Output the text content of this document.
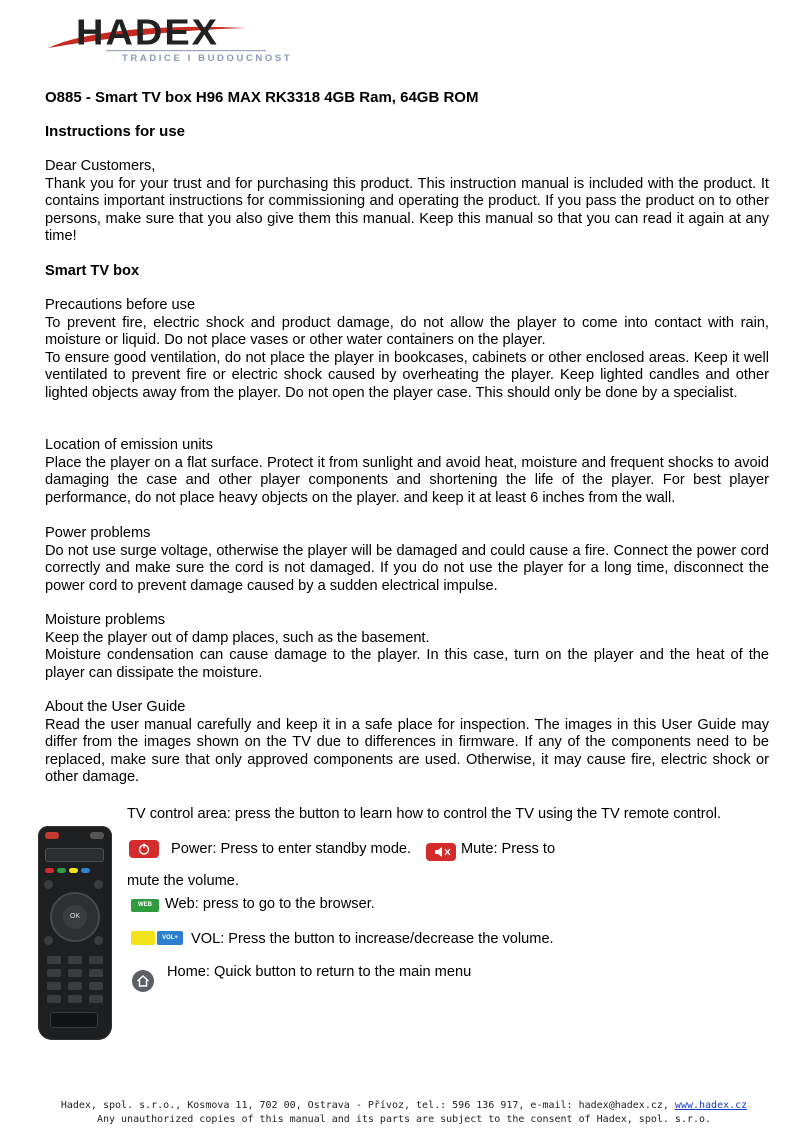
HADEX
TRADICE I BUDOUCNOST
O885 - Smart TV box H96 MAX RK3318 4GB Ram, 64GB ROM
Instructions for use

Dear Customers,

Thank you for your trust and for purchasing this product. This instruction manual is included with the product. It contains important instructions for commissioning and operating the product. If you pass the product on to other persons, make sure that you also give them this manual. Keep this manual so that you can read it again at any time!

Smart TV box

Precautions before use

To prevent fire, electric shock and product damage, do not allow the player to come into contact with rain, moisture or liquid. Do not place vases or other water containers on the player.

To ensure good ventilation, do not place the player in bookcases, cabinets or other enclosed areas. Keep it well ventilated to prevent fire or electric shock caused by overheating the player. Keep lighted candles and other lighted objects away from the player. Do not open the player case. This should only be done by a specialist.

Location of emission units

Place the player on a flat surface. Protect it from sunlight and avoid heat, moisture and frequent shocks to avoid damaging the case and other player components and shortening the life of the player. For best player performance, do not place heavy objects on the player. and keep it at least 6 inches from the wall.

Power problems

Do not use surge voltage, otherwise the player will be damaged and could cause a fire. Connect the power cord correctly and make sure the cord is not damaged. If you do not use the player for a long time, disconnect the power cord to prevent damage caused by a sudden electrical impulse.

Moisture problems

Keep the player out of damp places, such as the basement.

Moisture condensation can cause damage to the player. In this case, turn on the player and the heat of the player can dissipate the moisture.

About the User Guide

Read the user manual carefully and keep it in a safe place for inspection. The images in this User Guide may differ from the images shown on the TV due to differences in firmware. If any of the components need to be replaced, make sure that only approved components are used. Otherwise, it may cause fire, electric shock or other damage.

OK
TV control area: press the button to learn how to control the TV using the TV remote control.
Power: Press to enter standby mode.	Mute: Press to
mute the volume.
WEB Web: press to go to the browser.
VOL+ VOL: Press the button to increase/decrease the volume.
Home: Quick button to return to the main menu
Hadex, spol. s.r.o., Kosmova 11, 702 00, Ostrava - Přívoz, tel.: 596 136 917, e-mail: hadex@hadex.cz, www.hadex.cz
Any unauthorized copies of this manual and its parts are subject to the consent of Hadex, spol. s.r.o.
